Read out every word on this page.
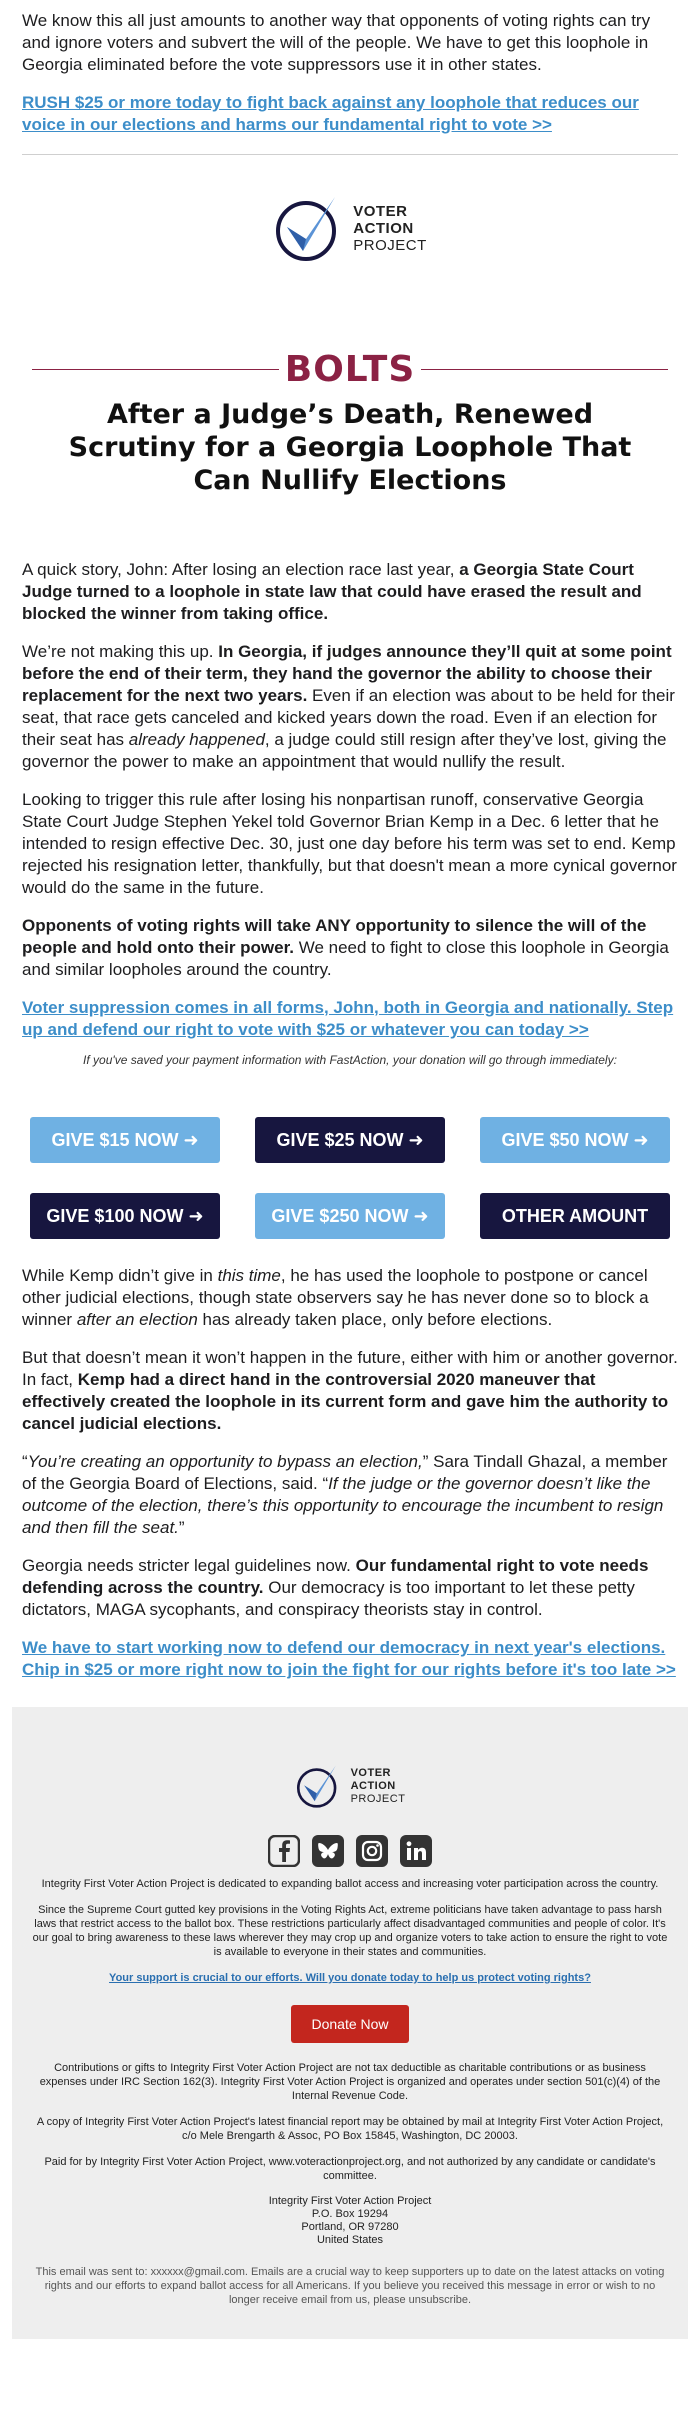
We know this all just amounts to another way that opponents of voting rights can try and ignore voters and subvert the will of the people. We have to get this loophole in Georgia eliminated before the vote suppressors use it in other states.

RUSH $25 or more today to fight back against any loophole that reduces our voice in our elections and harms our fundamental right to vote >>
VOTER
ACTION
PROJECT
BOLTS
After a Judge’s Death, Renewed Scrutiny for a Georgia Loophole That Can Nullify Elections

A quick story, John: After losing an election race last year, a Georgia State Court Judge turned to a loophole in state law that could have erased the result and blocked the winner from taking office.

We’re not making this up. In Georgia, if judges announce they’ll quit at some point before the end of their term, they hand the governor the ability to choose their replacement for the next two years. Even if an election was about to be held for their seat, that race gets canceled and kicked years down the road. Even if an election for their seat has already happened, a judge could still resign after they’ve lost, giving the governor the power to make an appointment that would nullify the result.

Looking to trigger this rule after losing his nonpartisan runoff, conservative Georgia State Court Judge Stephen Yekel told Governor Brian Kemp in a Dec. 6 letter that he intended to resign effective Dec. 30, just one day before his term was set to end. Kemp rejected his resignation letter, thankfully, but that doesn't mean a more cynical governor would do the same in the future.

Opponents of voting rights will take ANY opportunity to silence the will of the people and hold onto their power. We need to fight to close this loophole in Georgia and similar loopholes around the country.

Voter suppression comes in all forms, John, both in Georgia and nationally. Step up and defend our right to vote with $25 or whatever you can today >>

If you've saved your payment information with FastAction, your donation will go through immediately:

GIVE $15 NOW ➜	GIVE $25 NOW ➜	GIVE $50 NOW ➜
GIVE $100 NOW ➜	GIVE $250 NOW ➜	OTHER AMOUNT

While Kemp didn’t give in this time, he has used the loophole to postpone or cancel other judicial elections, though state observers say he has never done so to block a winner after an election has already taken place, only before elections.

But that doesn’t mean it won’t happen in the future, either with him or another governor. In fact, Kemp had a direct hand in the controversial 2020 maneuver that effectively created the loophole in its current form and gave him the authority to cancel judicial elections.

“You’re creating an opportunity to bypass an election,” Sara Tindall Ghazal, a member of the Georgia Board of Elections, said. “If the judge or the governor doesn’t like the outcome of the election, there’s this opportunity to encourage the incumbent to resign and then fill the seat.”

Georgia needs stricter legal guidelines now. Our fundamental right to vote needs defending across the country. Our democracy is too important to let these petty dictators, MAGA sycophants, and conspiracy theorists stay in control.

We have to start working now to defend our democracy in next year's elections. Chip in $25 or more right now to join the fight for our rights before it's too late >>
VOTER
ACTION
PROJECT

Integrity First Voter Action Project is dedicated to expanding ballot access and increasing voter participation across the country.

Since the Supreme Court gutted key provisions in the Voting Rights Act, extreme politicians have taken advantage to pass harsh laws that restrict access to the ballot box. These restrictions particularly affect disadvantaged communities and people of color. It's our goal to bring awareness to these laws wherever they may crop up and organize voters to take action to ensure the right to vote is available to everyone in their states and communities.

Your support is crucial to our efforts. Will you donate today to help us protect voting rights?

Donate Now

Contributions or gifts to Integrity First Voter Action Project are not tax deductible as charitable contributions or as business expenses under IRC Section 162(3). Integrity First Voter Action Project is organized and operates under section 501(c)(4) of the Internal Revenue Code.

A copy of Integrity First Voter Action Project's latest financial report may be obtained by mail at Integrity First Voter Action Project, c/o Mele Brengarth & Assoc, PO Box 15845, Washington, DC 20003.

Paid for by Integrity First Voter Action Project, www.voteractionproject.org, and not authorized by any candidate or candidate's committee.

Integrity First Voter Action Project
P.O. Box 19294
Portland, OR 97280
United States

This email was sent to: xxxxxx@gmail.com. Emails are a crucial way to keep supporters up to date on the latest attacks on voting rights and our efforts to expand ballot access for all Americans. If you believe you received this message in error or wish to no longer receive email from us, please unsubscribe.
